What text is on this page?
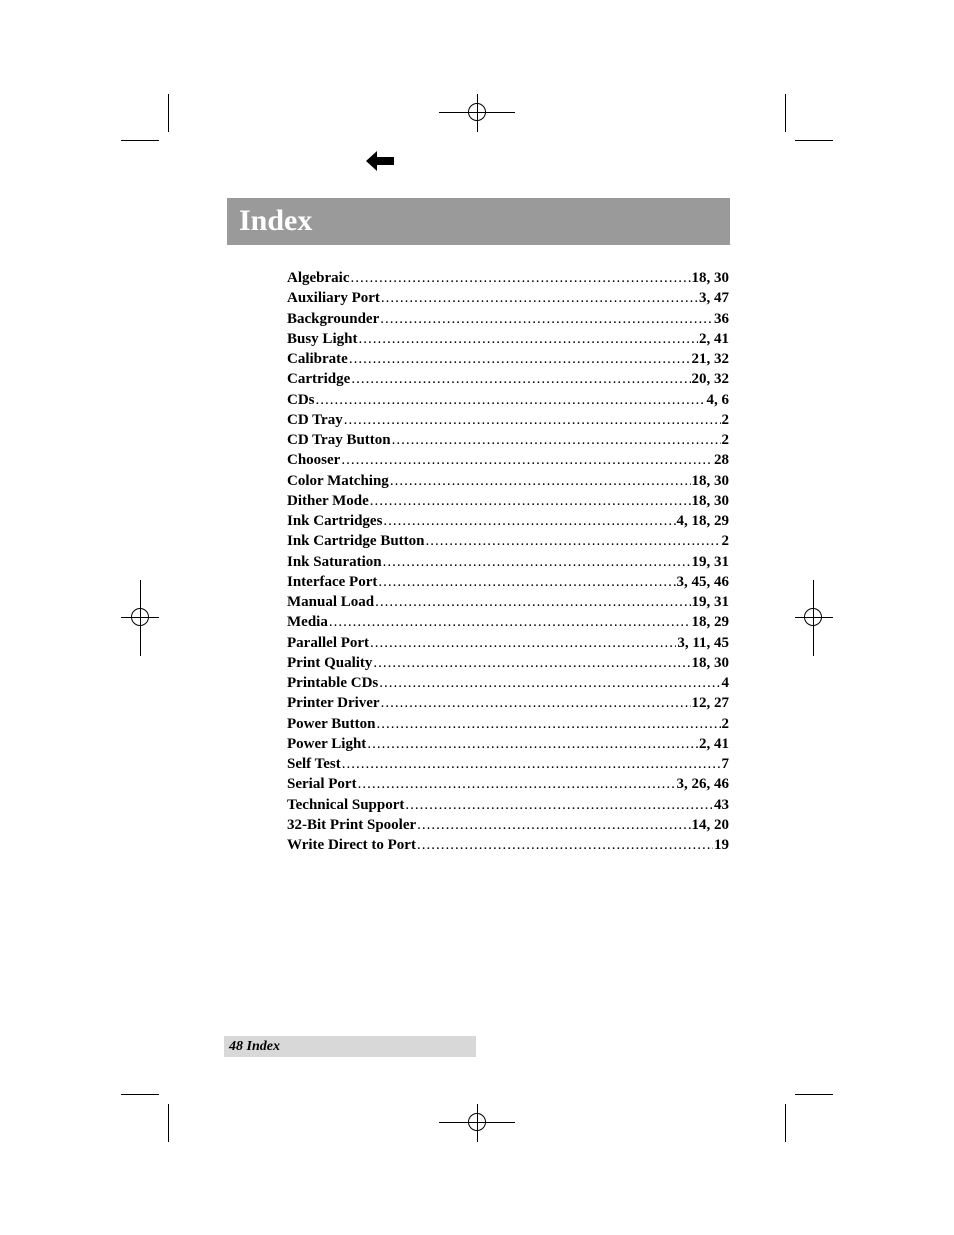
Index
Algebraic .....	18, 30
Auxiliary Port .....	3, 47
Backgrounder .....	36
Busy Light .....	2, 41
Calibrate .....	21, 32
Cartridge .....	20, 32
CDs .....	4, 6
CD Tray .....	2
CD Tray Button .....	2
Chooser .....	28
Color Matching .....	18, 30
Dither Mode .....	18, 30
Ink Cartridges .....	4, 18, 29
Ink Cartridge Button .....	2
Ink Saturation .....	19, 31
Interface Port .....	3, 45, 46
Manual Load .....	19, 31
Media .....	18, 29
Parallel Port .....	3, 11, 45
Print Quality .....	18, 30
Printable CDs .....	4
Printer Driver .....	12, 27
Power Button .....	2
Power Light .....	2, 41
Self Test .....	7
Serial Port .....	3, 26, 46
Technical Support .....	43
32-Bit Print Spooler .....	14, 20
Write Direct to Port .....	19
48 Index
